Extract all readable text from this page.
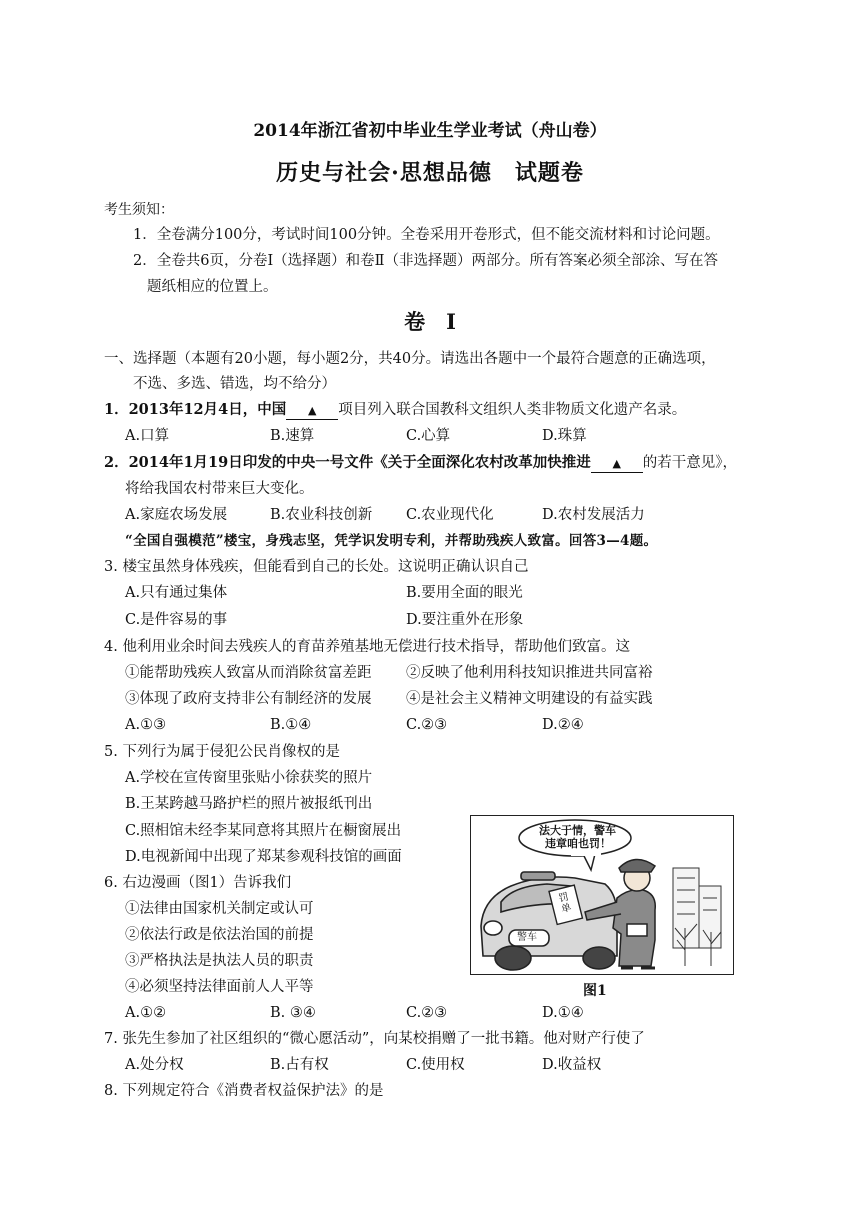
2014年浙江省初中毕业生学业考试（舟山卷）
历史与社会·思想品德　试题卷
考生须知：
1．全卷满分100分，考试时间100分钟。全卷采用开卷形式，但不能交流材料和讨论问题。
2．全卷共6页，分卷Ⅰ（选择题）和卷Ⅱ（非选择题）两部分。所有答案必须全部涂、写在答
题纸相应的位置上。
卷　Ⅰ
一、选择题（本题有20小题，每小题2分，共40分。请选出各题中一个最符合题意的正确选项，
不选、多选、错选，均不给分）
1．2013年12月4日，中国 ▲ 项目列入联合国教科文组织人类非物质文化遗产名录。
A.口算	B.速算	C.心算	D.珠算
2．2014年1月19日印发的中央一号文件《关于全面深化农村改革加快推进 ▲ 的若干意见》，
将给我国农村带来巨大变化。
A.家庭农场发展	B.农业科技创新 C.农业现代化	D.农村发展活力
“全国自强模范”楼宝，身残志坚，凭学识发明专利，并帮助残疾人致富。回答3—4题。
3. 楼宝虽然身体残疾，但能看到自己的长处。这说明正确认识自己
A.只有通过集体	B.要用全面的眼光
C.是件容易的事	D.要注重外在形象
4. 他利用业余时间去残疾人的育苗养殖基地无偿进行技术指导，帮助他们致富。这
①能帮助残疾人致富从而消除贫富差距 ②反映了他利用科技知识推进共同富裕
③体现了政府支持非公有制经济的发展 ④是社会主义精神文明建设的有益实践
A.①③	B.①④	C.②③	D.②④
5. 下列行为属于侵犯公民肖像权的是
A.学校在宣传窗里张贴小徐获奖的照片
B.王某跨越马路护栏的照片被报纸刊出
C.照相馆未经李某同意将其照片在橱窗展出
D.电视新闻中出现了郑某参观科技馆的画面
6. 右边漫画（图1）告诉我们
①法律由国家机关制定或认可
②依法行政是依法治国的前提
③严格执法是执法人员的职责
④必须坚持法律面前人人平等
A.①②	B. ③④	C.②③	D.①④
法大于情，警车
违章咱也罚！
罚单
警车
图1
7. 张先生参加了社区组织的“微心愿活动”，向某校捐赠了一批书籍。他对财产行使了
A.处分权	B.占有权	C.使用权	D.收益权
8. 下列规定符合《消费者权益保护法》的是
